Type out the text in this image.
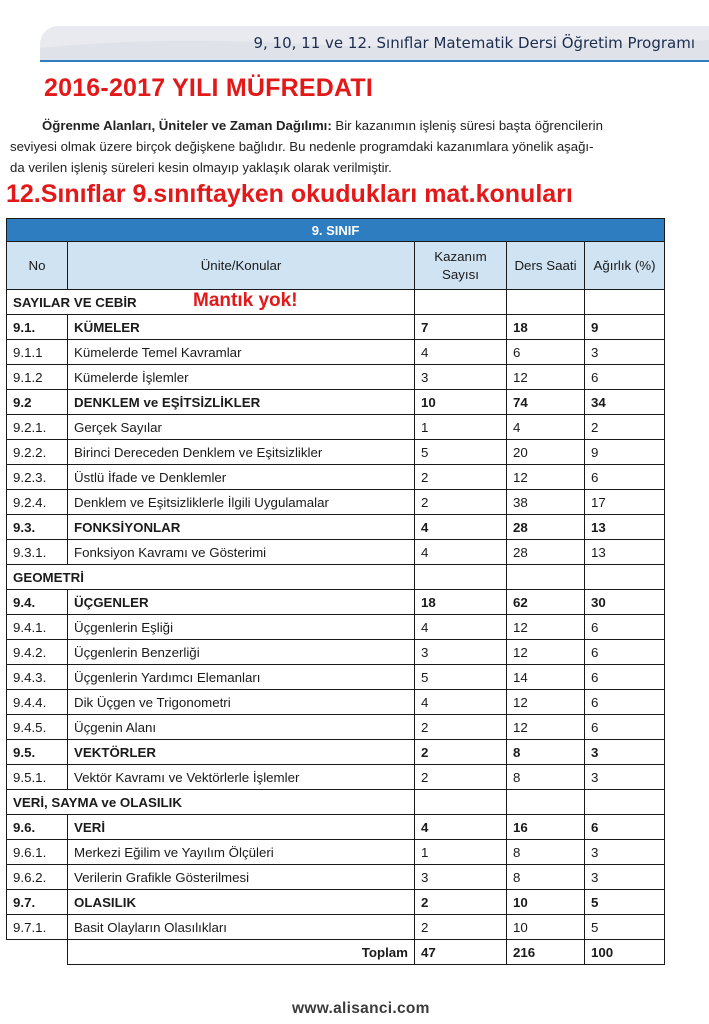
9, 10, 11 ve 12. Sınıflar Matematik Dersi Öğretim Programı
2016-2017 YILI MÜFREDATI

Öğrenme Alanları, Üniteler ve Zaman Dağılımı: Bir kazanımın işleniş süresi başta öğrencilerin

seviyesi olmak üzere birçok değişkene bağlıdır. Bu nedenle programdaki kazanımlara yönelik aşağı-
da verilen işleniş süreleri kesin olmayıp yaklaşık olarak verilmiştir.
12.Sınıflar 9.sınıftayken okudukları mat.konuları
9. SINIF				
No	Ünite/Konular	Kazanım Sayısı	Ders Saati	Ağırlık (%)
SAYILAR VE CEBİR				
9.1.	KÜMELER	7	18	9
9.1.1	Kümelerde Temel Kavramlar	4	6	3
9.1.2	Kümelerde İşlemler	3	12	6
9.2	DENKLEM ve EŞİTSİZLİKLER	10	74	34
9.2.1.	Gerçek Sayılar	1	4	2
9.2.2.	Birinci Dereceden Denklem ve Eşitsizlikler	5	20	9
9.2.3.	Üstlü İfade ve Denklemler	2	12	6
9.2.4.	Denklem ve Eşitsizliklerle İlgili Uygulamalar	2	38	17
9.3.	FONKSİYONLAR	4	28	13
9.3.1.	Fonksiyon Kavramı ve Gösterimi	4	28	13
GEOMETRİ				
9.4.	ÜÇGENLER	18	62	30
9.4.1.	Üçgenlerin Eşliği	4	12	6
9.4.2.	Üçgenlerin Benzerliği	3	12	6
9.4.3.	Üçgenlerin Yardımcı Elemanları	5	14	6
9.4.4.	Dik Üçgen ve Trigonometri	4	12	6
9.4.5.	Üçgenin Alanı	2	12	6
9.5.	VEKTÖRLER	2	8	3
9.5.1.	Vektör Kavramı ve Vektörlerle İşlemler	2	8	3
VERİ, SAYMA ve OLASILIK				
9.6.	VERİ	4	16	6
9.6.1.	Merkezi Eğilim ve Yayılım Ölçüleri	1	8	3
9.6.2.	Verilerin Grafikle Gösterilmesi	3	8	3
9.7.	OLASILIK	2	10	5
9.7.1.	Basit Olayların Olasılıkları	2	10	5
	Toplam	47	216	100
Mantık yok!
www.alisanci.com
